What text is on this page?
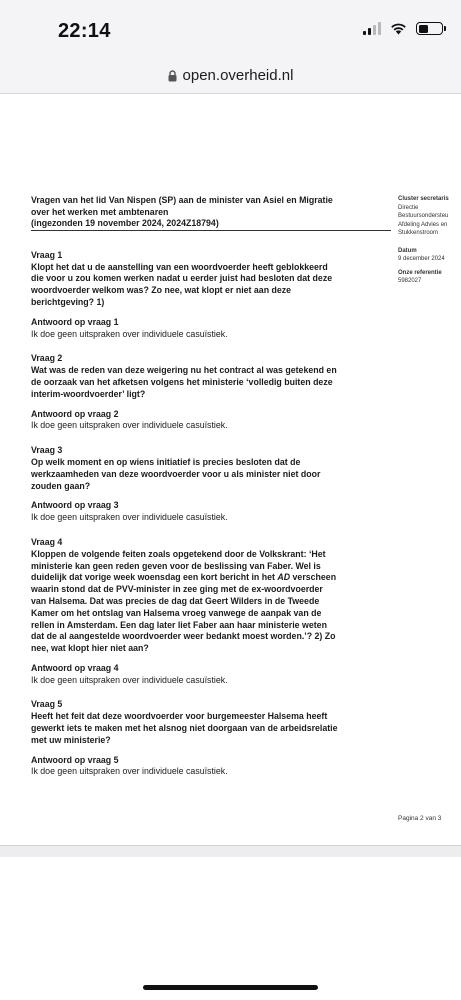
22:14
open.overheid.nl
Cluster secretaris
Directie
Bestuursondersteu
Afdeling Advies en
Stukkenstroom
Datum
9 december 2024
Onze referentie
5982027
Vragen van het lid Van Nispen (SP) aan de minister van Asiel en Migratie
over het werken met ambtenaren
(ingezonden 19 november 2024, 2024Z18794)
Vraag 1
Klopt het dat u de aanstelling van een woordvoerder heeft geblokkeerd
die voor u zou komen werken nadat u eerder juist had besloten dat deze
woordvoerder welkom was? Zo nee, wat klopt er niet aan deze
berichtgeving? 1)
Antwoord op vraag 1
Ik doe geen uitspraken over individuele casuïstiek.
Vraag 2
Wat was de reden van deze weigering nu het contract al was getekend en
de oorzaak van het afketsen volgens het ministerie ‘volledig buiten deze
interim-woordvoerder’ ligt?
Antwoord op vraag 2
Ik doe geen uitspraken over individuele casuïstiek.
Vraag 3
Op welk moment en op wiens initiatief is precies besloten dat de
werkzaamheden van deze woordvoerder voor u als minister niet door
zouden gaan?
Antwoord op vraag 3
Ik doe geen uitspraken over individuele casuïstiek.
Vraag 4
Kloppen de volgende feiten zoals opgetekend door de Volkskrant: ‘Het
ministerie kan geen reden geven voor de beslissing van Faber. Wel is
duidelijk dat vorige week woensdag een kort bericht in het AD verscheen
waarin stond dat de PVV-minister in zee ging met de ex-woordvoerder
van Halsema. Dat was precies de dag dat Geert Wilders in de Tweede
Kamer om het ontslag van Halsema vroeg vanwege de aanpak van de
rellen in Amsterdam. Een dag later liet Faber aan haar ministerie weten
dat de al aangestelde woordvoerder weer bedankt moest worden.’? 2) Zo
nee, wat klopt hier niet aan?
Antwoord op vraag 4
Ik doe geen uitspraken over individuele casuïstiek.
Vraag 5
Heeft het feit dat deze woordvoerder voor burgemeester Halsema heeft
gewerkt iets te maken met het alsnog niet doorgaan van de arbeidsrelatie
met uw ministerie?
Antwoord op vraag 5
Ik doe geen uitspraken over individuele casuïstiek.
Pagina 2 van 3
